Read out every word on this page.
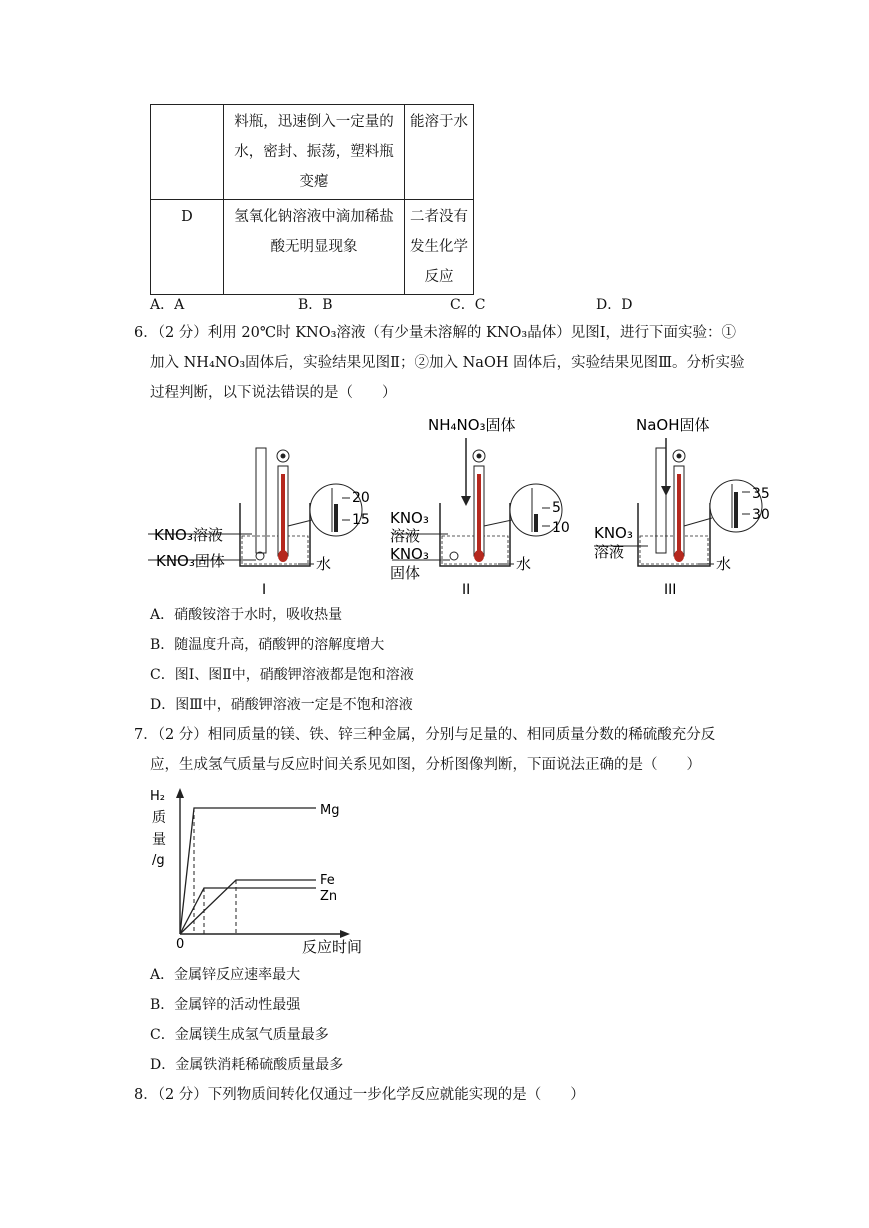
	料瓶，迅速倒入一定量的水，密封、振荡，塑料瓶变瘪	能溶于水

D	氢氧化钠溶液中滴加稀盐酸无明显现象	二者没有发生化学反应
A．A	B．B	C．C	D．D
6．（2 分）利用 20℃时 KNO₃溶液（有少量未溶解的 KNO₃晶体）见图Ⅰ，进行下面实验：①
加入 NH₄NO₃固体后，实验结果见图Ⅱ；②加入 NaOH 固体后，实验结果见图Ⅲ。分析实验
过程判断，以下说法错误的是（　　）
20
15
KNO₃溶液
KNO₃固体	水
I
NH₄NO₃固体
5
10
KNO₃
溶液
KNO₃
固体	水
II
NaOH固体
35
30
KNO₃
溶液
水
III
A．硝酸铵溶于水时，吸收热量
B．随温度升高，硝酸钾的溶解度增大
C．图Ⅰ、图Ⅱ中，硝酸钾溶液都是饱和溶液
D．图Ⅲ中，硝酸钾溶液一定是不饱和溶液
7．（2 分）相同质量的镁、铁、锌三种金属，分别与足量的、相同质量分数的稀硫酸充分反
应，生成氢气质量与反应时间关系见如图，分析图像判断，下面说法正确的是（　　）
H₂
质
量
/g
0	反应时间
Mg
Fe
Zn
A．金属锌反应速率最大
B．金属锌的活动性最强
C．金属镁生成氢气质量最多
D．金属铁消耗稀硫酸质量最多
8．（2 分）下列物质间转化仅通过一步化学反应就能实现的是（　　）
